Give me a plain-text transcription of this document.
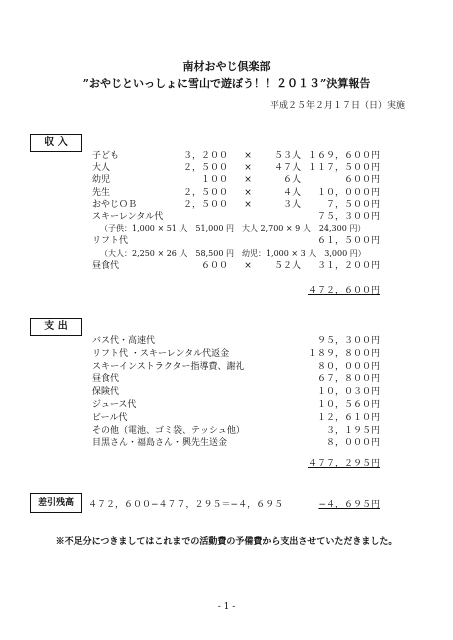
南材おやじ倶楽部
”おやじといっしょに雪山で遊ぼう！！２０１３”決算報告
平成２５年２月１７日（日）実施
収 入
子ども	３，２００	×	５３人 １６９，６００円
大人	２，５００	×	４７人 １１７，５００円
幼児	１００	×	６人	６００円
先生	２，５００	×	４人	１０，０００円
おやじＯＢ	２，５００	×	３人	７，５００円
スキーレンタル代	７５，３００円
（子供：1,000 × 51 人　51,000 円　大人 2,700 × 9 人　24,300 円）
リフト代	６１，５００円
（大人：2,250 × 26 人　58,500 円　幼児：1,000 × 3 人　3,000 円）
昼食代	６００	×	５２人	３１，２００円
４７２，６００円
支 出
バス代・高速代	９５，３００円
リフト代 ・スキーレンタル代返金	１８９，８００円
スキーインストラクター指導費、謝礼	８０，０００円
昼食代	６７，８００円
保険代	１０，０３０円
ジュース代	１０，５６０円
ビール代	１２，６１０円
その他（電池、ゴミ袋、テッシュ他）	３，１９５円
目黒さん・福島さん・興先生送金	８，０００円
４７７，２９５円
差引残高	４７２，６００−４７７，２９５＝−４，６９５	−４，６９５円
※不足分につきましてはこれまでの活動費の予備費から支出させていただきました。
- 1 -
